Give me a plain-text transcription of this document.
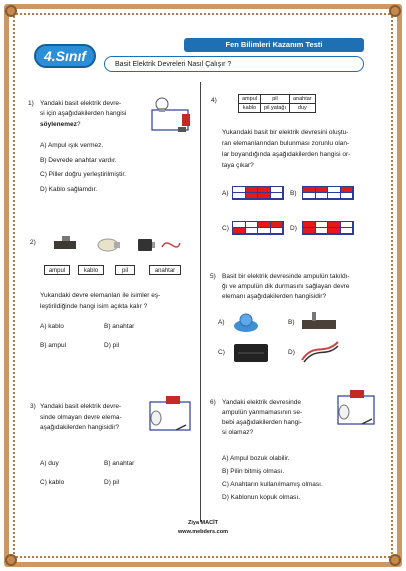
4.Sınıf
Fen Bilimleri Kazanım Testi
Basit Elektrik Devreleri Nasıl Çalışır ?
1) Yandaki basit elektrik devre-
si için aşağıdakilerden hangisi
söylenemez?
A) Ampul ışık vermez.
B) Devrede anahtar vardır.
C) Piller doğru yerleştirilmiştir.
D) Kablo sağlamdır.
2)
ampul	kablo	pil	anahtar
Yukarıdaki devre elemanları ile isimler eş-
leştirildiğinde hangi isim açıkta kalır ?
A) kablo	B) anahtar
B) ampul	D) pil
3) Yandaki basit elektrik devre-
sinde olmayan devre elema-
aşağıdakilerden hangisidir?
A) duy	B) anahtar
C) kablo	D) pil
4)	ampul	pil	anahtar
kablo	pil yatağı	duy
Yukarıdaki basit bir elektrik devresini oluştu-
ran elemanlarından bulunması zorunlu olan-
lar boyandığında aşağıdakilerden hangisi or-
taya çıkar?
A)	B)
C)	D)
5) Basit bir elektrik devresinde ampulün takıldı-
ğı ve ampulün dik durmasını sağlayan devre
elemanı aşağıdakilerden hangisidir?
A)	B)
C)	D)
6) Yandaki elektrik devresinde
ampulün yanmamasının se-
bebi aşağıdakilerden hangi-
si olamaz?
A) Ampul bozuk olabilir.
B) Pilin bitmiş olması.
C) Anahtarın kullanılmamış olması.
D) Kablonun kopuk olması.
Ziya MACİT
www.mebders.com
